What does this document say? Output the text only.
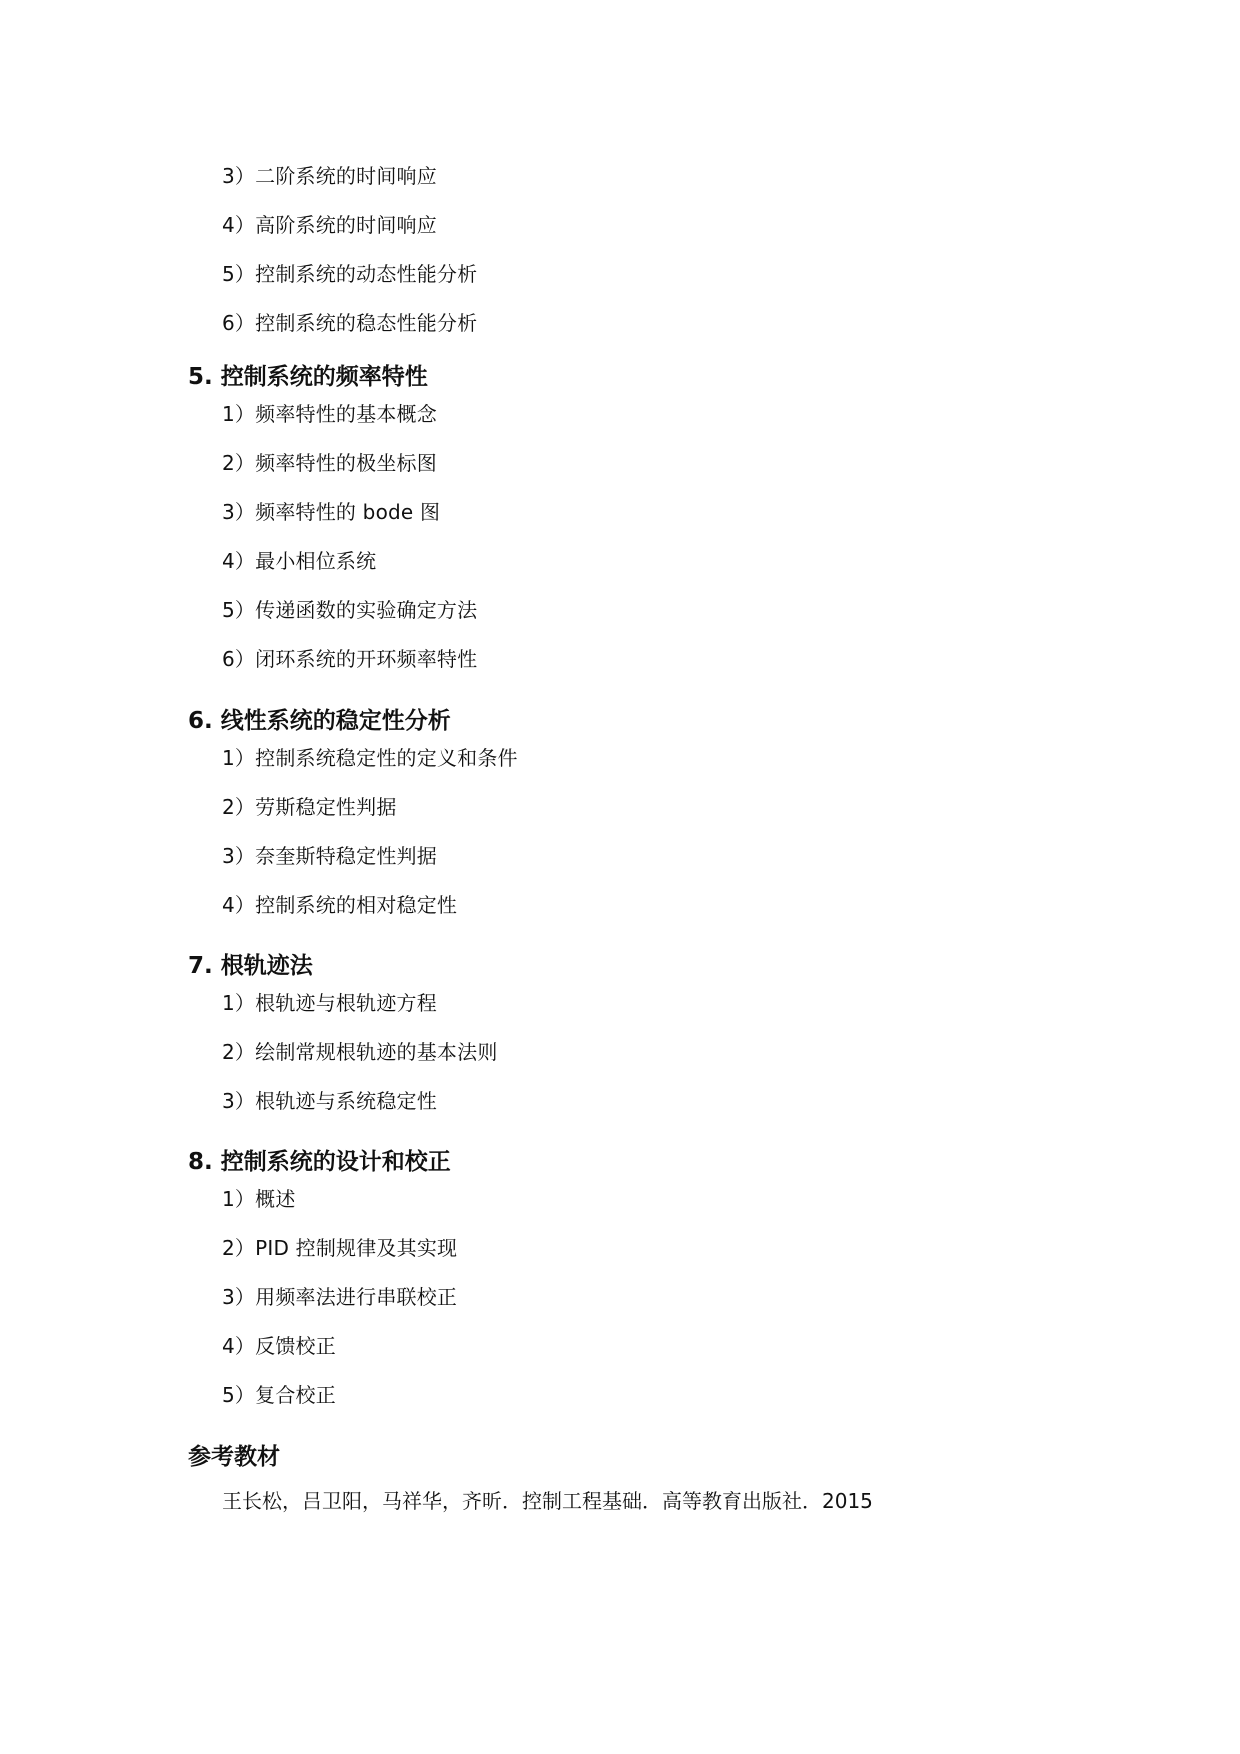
3）二阶系统的时间响应
4）高阶系统的时间响应
5）控制系统的动态性能分析
6）控制系统的稳态性能分析
5. 控制系统的频率特性
1）频率特性的基本概念
2）频率特性的极坐标图
3）频率特性的 bode 图
4）最小相位系统
5）传递函数的实验确定方法
6）闭环系统的开环频率特性
6. 线性系统的稳定性分析
1）控制系统稳定性的定义和条件
2）劳斯稳定性判据
3）奈奎斯特稳定性判据
4）控制系统的相对稳定性
7. 根轨迹法
1）根轨迹与根轨迹方程
2）绘制常规根轨迹的基本法则
3）根轨迹与系统稳定性
8. 控制系统的设计和校正
1）概述
2）PID 控制规律及其实现
3）用频率法进行串联校正
4）反馈校正
5）复合校正
参考教材
王长松，吕卫阳，马祥华，齐昕．控制工程基础．高等教育出版社．2015
